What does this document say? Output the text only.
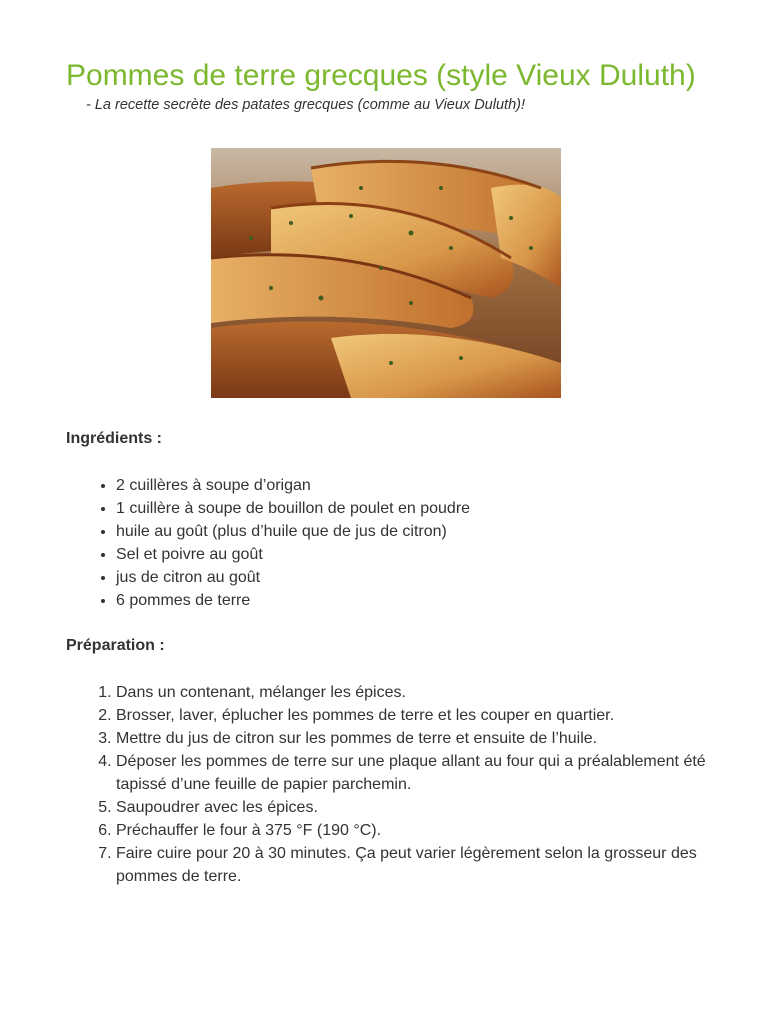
Pommes de terre grecques (style Vieux Duluth)

- La recette secrète des patates grecques (comme au Vieux Duluth)!

Ingrédients :

• 2 cuillères à soupe d’origan
• 1 cuillère à soupe de bouillon de poulet en poudre
• huile au goût (plus d’huile que de jus de citron)
• Sel et poivre au goût
• jus de citron au goût
• 6 pommes de terre

Préparation :

1. Dans un contenant, mélanger les épices.
2. Brosser, laver, éplucher les pommes de terre et les couper en quartier.
3. Mettre du jus de citron sur les pommes de terre et ensuite de l’huile.
4. Déposer les pommes de terre sur une plaque allant au four qui a préalablement été tapissé d’une feuille de papier parchemin.
5. Saupoudrer avec les épices.
6. Préchauffer le four à 375 °F (190 °C).
7. Faire cuire pour 20 à 30 minutes. Ça peut varier légèrement selon la grosseur des pommes de terre.
